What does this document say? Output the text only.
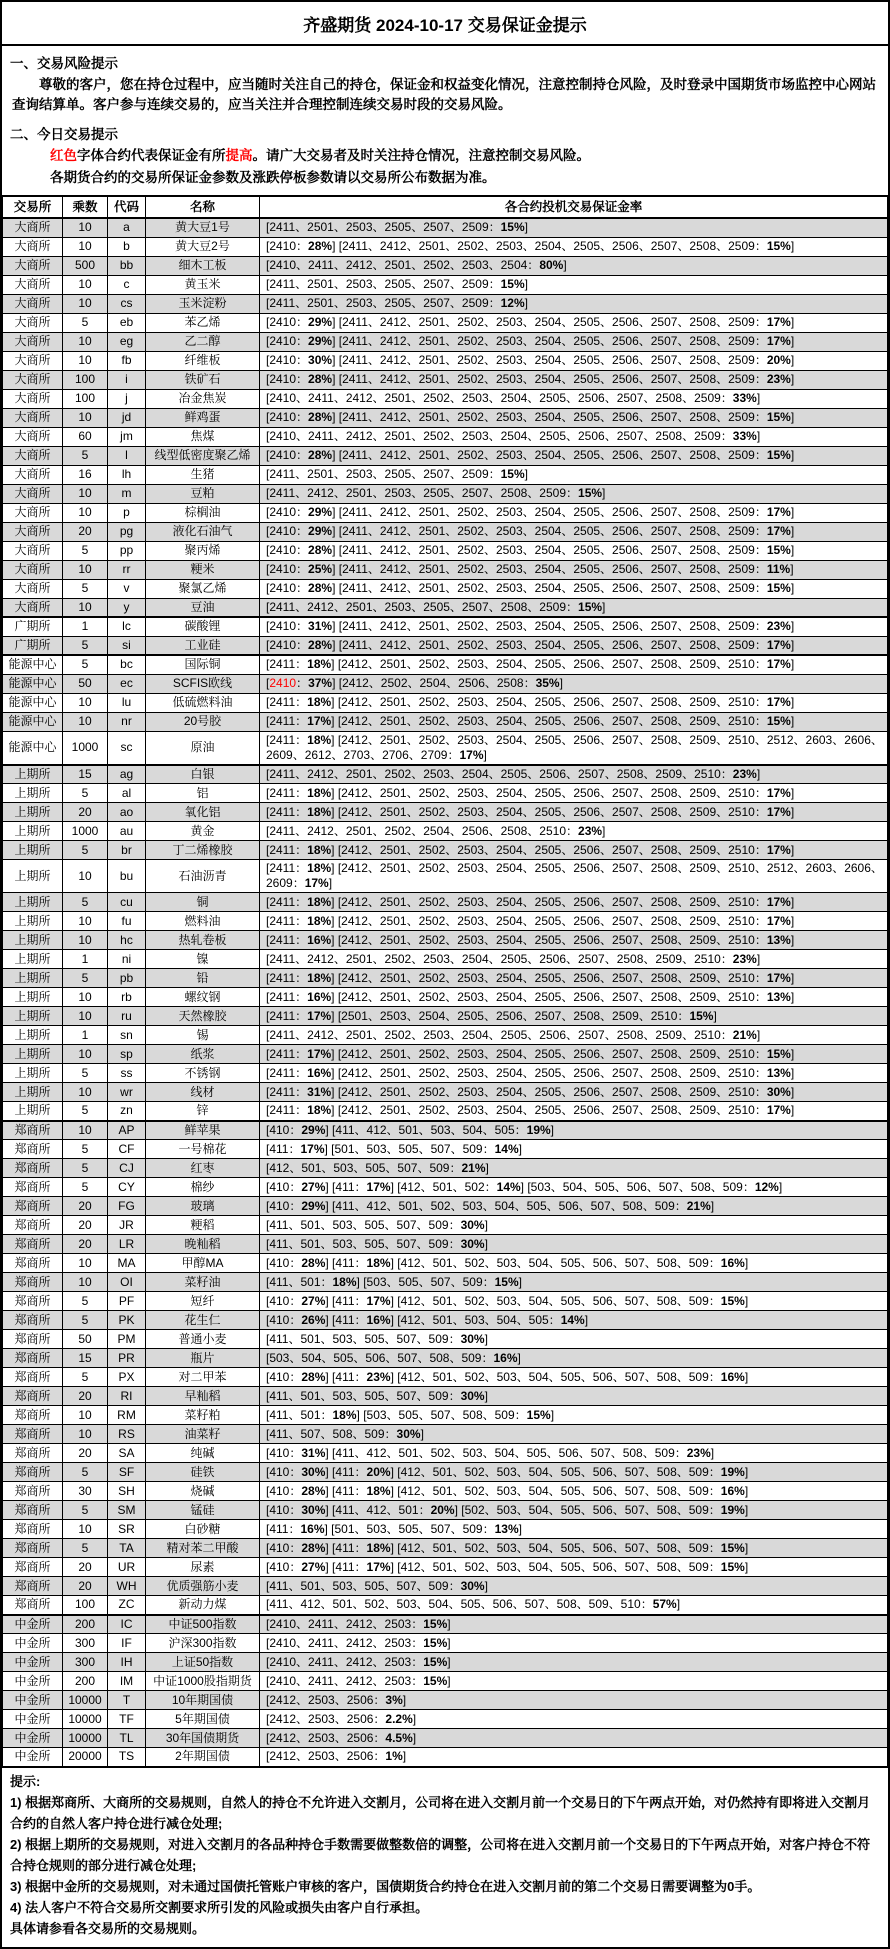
齐盛期货 2024-10-17 交易保证金提示
一、交易风险提示
尊敬的客户，您在持仓过程中，应当随时关注自己的持仓，保证金和权益变化情况，注意控制持仓风险，及时登录中国期货市场监控中心网站查询结算单。客户参与连续交易的，应当关注并合理控制连续交易时段的交易风险。
二、今日交易提示
红色字体合约代表保证金有所提高。请广大交易者及时关注持仓情况，注意控制交易风险。
各期货合约的交易所保证金参数及涨跌停板参数请以交易所公布数据为准。
交易所	乘数	代码	名称	各合约投机交易保证金率
大商所	10	a	黄大豆1号	[2411、2501、2503、2505、2507、2509：15%]
大商所	10	b	黄大豆2号	[2410：28%] [2411、2412、2501、2502、2503、2504、2505、2506、2507、2508、2509：15%]
大商所	500	bb	细木工板	[2410、2411、2412、2501、2502、2503、2504：80%]
大商所	10	c	黄玉米	[2411、2501、2503、2505、2507、2509：15%]
大商所	10	cs	玉米淀粉	[2411、2501、2503、2505、2507、2509：12%]
大商所	5	eb	苯乙烯	[2410：29%] [2411、2412、2501、2502、2503、2504、2505、2506、2507、2508、2509：17%]
大商所	10	eg	乙二醇	[2410：29%] [2411、2412、2501、2502、2503、2504、2505、2506、2507、2508、2509：17%]
大商所	10	fb	纤维板	[2410：30%] [2411、2412、2501、2502、2503、2504、2505、2506、2507、2508、2509：20%]
大商所	100	i	铁矿石	[2410：28%] [2411、2412、2501、2502、2503、2504、2505、2506、2507、2508、2509：23%]
大商所	100	j	冶金焦炭	[2410、2411、2412、2501、2502、2503、2504、2505、2506、2507、2508、2509：33%]
大商所	10	jd	鲜鸡蛋	[2410：28%] [2411、2412、2501、2502、2503、2504、2505、2506、2507、2508、2509：15%]
大商所	60	jm	焦煤	[2410、2411、2412、2501、2502、2503、2504、2505、2506、2507、2508、2509：33%]
大商所	5	l	线型低密度聚乙烯	[2410：28%] [2411、2412、2501、2502、2503、2504、2505、2506、2507、2508、2509：15%]
大商所	16	lh	生猪	[2411、2501、2503、2505、2507、2509：15%]
大商所	10	m	豆粕	[2411、2412、2501、2503、2505、2507、2508、2509：15%]
大商所	10	p	棕榈油	[2410：29%] [2411、2412、2501、2502、2503、2504、2505、2506、2507、2508、2509：17%]
大商所	20	pg	液化石油气	[2410：29%] [2411、2412、2501、2502、2503、2504、2505、2506、2507、2508、2509：17%]
大商所	5	pp	聚丙烯	[2410：28%] [2411、2412、2501、2502、2503、2504、2505、2506、2507、2508、2509：15%]
大商所	10	rr	粳米	[2410：25%] [2411、2412、2501、2502、2503、2504、2505、2506、2507、2508、2509：11%]
大商所	5	v	聚氯乙烯	[2410：28%] [2411、2412、2501、2502、2503、2504、2505、2506、2507、2508、2509：15%]
大商所	10	y	豆油	[2411、2412、2501、2503、2505、2507、2508、2509：15%]
广期所	1	lc	碳酸锂	[2410：31%] [2411、2412、2501、2502、2503、2504、2505、2506、2507、2508、2509：23%]
广期所	5	si	工业硅	[2410：28%] [2411、2412、2501、2502、2503、2504、2505、2506、2507、2508、2509：17%]
能源中心	5	bc	国际铜	[2411：18%] [2412、2501、2502、2503、2504、2505、2506、2507、2508、2509、2510：17%]
能源中心	50	ec	SCFIS欧线	[2410：37%] [2412、2502、2504、2506、2508：35%]
能源中心	10	lu	低硫燃料油	[2411：18%] [2412、2501、2502、2503、2504、2505、2506、2507、2508、2509、2510：17%]
能源中心	10	nr	20号胶	[2411：17%] [2412、2501、2502、2503、2504、2505、2506、2507、2508、2509、2510：15%]
能源中心	1000	sc	原油	[2411：18%] [2412、2501、2502、2503、2504、2505、2506、2507、2508、2509、2510、2512、2603、2606、2609、2612、2703、2706、2709：17%]
上期所	15	ag	白银	[2411、2412、2501、2502、2503、2504、2505、2506、2507、2508、2509、2510：23%]
上期所	5	al	铝	[2411：18%] [2412、2501、2502、2503、2504、2505、2506、2507、2508、2509、2510：17%]
上期所	20	ao	氧化铝	[2411：18%] [2412、2501、2502、2503、2504、2505、2506、2507、2508、2509、2510：17%]
上期所	1000	au	黄金	[2411、2412、2501、2502、2504、2506、2508、2510：23%]
上期所	5	br	丁二烯橡胶	[2411：18%] [2412、2501、2502、2503、2504、2505、2506、2507、2508、2509、2510：17%]
上期所	10	bu	石油沥青	[2411：18%] [2412、2501、2502、2503、2504、2505、2506、2507、2508、2509、2510、2512、2603、2606、2609：17%]
上期所	5	cu	铜	[2411：18%] [2412、2501、2502、2503、2504、2505、2506、2507、2508、2509、2510：17%]
上期所	10	fu	燃料油	[2411：18%] [2412、2501、2502、2503、2504、2505、2506、2507、2508、2509、2510：17%]
上期所	10	hc	热轧卷板	[2411：16%] [2412、2501、2502、2503、2504、2505、2506、2507、2508、2509、2510：13%]
上期所	1	ni	镍	[2411、2412、2501、2502、2503、2504、2505、2506、2507、2508、2509、2510：23%]
上期所	5	pb	铅	[2411：18%] [2412、2501、2502、2503、2504、2505、2506、2507、2508、2509、2510：17%]
上期所	10	rb	螺纹钢	[2411：16%] [2412、2501、2502、2503、2504、2505、2506、2507、2508、2509、2510：13%]
上期所	10	ru	天然橡胶	[2411：17%] [2501、2503、2504、2505、2506、2507、2508、2509、2510：15%]
上期所	1	sn	锡	[2411、2412、2501、2502、2503、2504、2505、2506、2507、2508、2509、2510：21%]
上期所	10	sp	纸浆	[2411：17%] [2412、2501、2502、2503、2504、2505、2506、2507、2508、2509、2510：15%]
上期所	5	ss	不锈钢	[2411：16%] [2412、2501、2502、2503、2504、2505、2506、2507、2508、2509、2510：13%]
上期所	10	wr	线材	[2411：31%] [2412、2501、2502、2503、2504、2505、2506、2507、2508、2509、2510：30%]
上期所	5	zn	锌	[2411：18%] [2412、2501、2502、2503、2504、2505、2506、2507、2508、2509、2510：17%]
郑商所	10	AP	鲜苹果	[410：29%] [411、412、501、503、504、505：19%]
郑商所	5	CF	一号棉花	[411：17%] [501、503、505、507、509：14%]
郑商所	5	CJ	红枣	[412、501、503、505、507、509：21%]
郑商所	5	CY	棉纱	[410：27%] [411：17%] [412、501、502：14%] [503、504、505、506、507、508、509：12%]
郑商所	20	FG	玻璃	[410：29%] [411、412、501、502、503、504、505、506、507、508、509：21%]
郑商所	20	JR	粳稻	[411、501、503、505、507、509：30%]
郑商所	20	LR	晚籼稻	[411、501、503、505、507、509：30%]
郑商所	10	MA	甲醇MA	[410：28%] [411：18%] [412、501、502、503、504、505、506、507、508、509：16%]
郑商所	10	OI	菜籽油	[411、501：18%] [503、505、507、509：15%]
郑商所	5	PF	短纤	[410：27%] [411：17%] [412、501、502、503、504、505、506、507、508、509：15%]
郑商所	5	PK	花生仁	[410：26%] [411：16%] [412、501、503、504、505：14%]
郑商所	50	PM	普通小麦	[411、501、503、505、507、509：30%]
郑商所	15	PR	瓶片	[503、504、505、506、507、508、509：16%]
郑商所	5	PX	对二甲苯	[410：28%] [411：23%] [412、501、502、503、504、505、506、507、508、509：16%]
郑商所	20	RI	早籼稻	[411、501、503、505、507、509：30%]
郑商所	10	RM	菜籽粕	[411、501：18%] [503、505、507、508、509：15%]
郑商所	10	RS	油菜籽	[411、507、508、509：30%]
郑商所	20	SA	纯碱	[410：31%] [411、412、501、502、503、504、505、506、507、508、509：23%]
郑商所	5	SF	硅铁	[410：30%] [411：20%] [412、501、502、503、504、505、506、507、508、509：19%]
郑商所	30	SH	烧碱	[410：28%] [411：18%] [412、501、502、503、504、505、506、507、508、509：16%]
郑商所	5	SM	锰硅	[410：30%] [411、412、501：20%] [502、503、504、505、506、507、508、509：19%]
郑商所	10	SR	白砂糖	[411：16%] [501、503、505、507、509：13%]
郑商所	5	TA	精对苯二甲酸	[410：28%] [411：18%] [412、501、502、503、504、505、506、507、508、509：15%]
郑商所	20	UR	尿素	[410：27%] [411：17%] [412、501、502、503、504、505、506、507、508、509：15%]
郑商所	20	WH	优质强筋小麦	[411、501、503、505、507、509：30%]
郑商所	100	ZC	新动力煤	[411、412、501、502、503、504、505、506、507、508、509、510：57%]
中金所	200	IC	中证500指数	[2410、2411、2412、2503：15%]
中金所	300	IF	沪深300指数	[2410、2411、2412、2503：15%]
中金所	300	IH	上证50指数	[2410、2411、2412、2503：15%]
中金所	200	IM	中证1000股指期货	[2410、2411、2412、2503：15%]
中金所	10000	T	10年期国债	[2412、2503、2506：3%]
中金所	10000	TF	5年期国债	[2412、2503、2506：2.2%]
中金所	10000	TL	30年国债期货	[2412、2503、2506：4.5%]
中金所	20000	TS	2年期国债	[2412、2503、2506：1%]
提示:

1) 根据郑商所、大商所的交易规则，自然人的持仓不允许进入交割月，公司将在进入交割月前一个交易日的下午两点开始，对仍然持有即将进入交割月合约的自然人客户持仓进行减仓处理;

2) 根据上期所的交易规则，对进入交割月的各品种持仓手数需要做整数倍的调整，公司将在进入交割月前一个交易日的下午两点开始，对客户持仓不符合持仓规则的部分进行减仓处理;

3) 根据中金所的交易规则，对未通过国债托管账户审核的客户，国债期货合约持仓在进入交割月前的第二个交易日需要调整为0手。

4) 法人客户不符合交易所交割要求所引发的风险或损失由客户自行承担。

具体请参看各交易所的交易规则。
